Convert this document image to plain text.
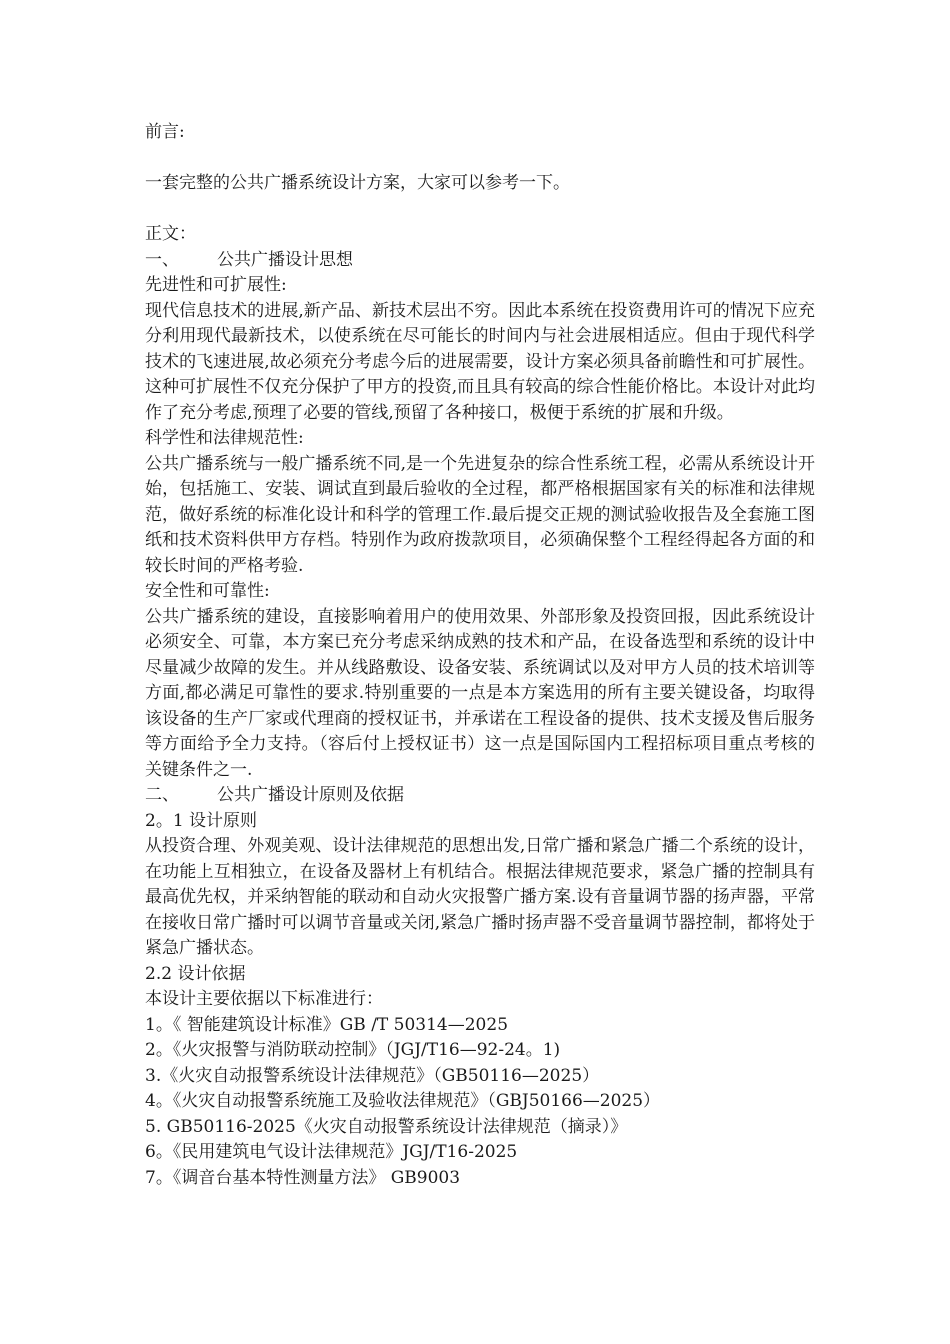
前言:
一套完整的公共广播系统设计方案，大家可以参考一下。
正文：
一、 公共广播设计思想
先进性和可扩展性:
现代信息技术的进展,新产品、新技术层出不穷。因此本系统在投资费用许可的情况下应充分利用现代最新技术，以使系统在尽可能长的时间内与社会进展相适应。但由于现代科学技术的飞速进展,故必须充分考虑今后的进展需要，设计方案必须具备前瞻性和可扩展性。这种可扩展性不仅充分保护了甲方的投资,而且具有较高的综合性能价格比。本设计对此均作了充分考虑,预理了必要的管线,预留了各种接口，极便于系统的扩展和升级。
科学性和法律规范性:
公共广播系统与一般广播系统不同,是一个先进复杂的综合性系统工程，必需从系统设计开始，包括施工、安装、调试直到最后验收的全过程，都严格根据国家有关的标准和法律规范，做好系统的标准化设计和科学的管理工作.最后提交正规的测试验收报告及全套施工图纸和技术资料供甲方存档。特别作为政府拨款项目，必须确保整个工程经得起各方面的和较长时间的严格考验.
安全性和可靠性:
公共广播系统的建设，直接影响着用户的使用效果、外部形象及投资回报，因此系统设计必须安全、可靠，本方案已充分考虑采纳成熟的技术和产品，在设备选型和系统的设计中尽量减少故障的发生。并从线路敷设、设备安装、系统调试以及对甲方人员的技术培训等方面,都必满足可靠性的要求.特别重要的一点是本方案选用的所有主要关键设备，均取得该设备的生产厂家或代理商的授权证书，并承诺在工程设备的提供、技术支援及售后服务等方面给予全力支持。（容后付上授权证书）这一点是国际国内工程招标项目重点考核的关键条件之一.
二、 公共广播设计原则及依据
2。1 设计原则
从投资合理、外观美观、设计法律规范的思想出发,日常广播和紧急广播二个系统的设计，在功能上互相独立，在设备及器材上有机结合。根据法律规范要求，紧急广播的控制具有最高优先权，并采纳智能的联动和自动火灾报警广播方案.设有音量调节器的扬声器，平常在接收日常广播时可以调节音量或关闭,紧急广播时扬声器不受音量调节器控制，都将处于紧急广播状态。
2.2 设计依据
本设计主要依据以下标准进行：
1。《 智能建筑设计标准》GB /T 50314—2025
2。《火灾报警与消防联动控制》（JGJ/T16—92-24。1)
3.《火灾自动报警系统设计法律规范》（GB50116—2025）
4。《火灾自动报警系统施工及验收法律规范》（GBJ50166—2025）
5. GB50116-2025《火灾自动报警系统设计法律规范（摘录）》
6。《民用建筑电气设计法律规范》JGJ/T16-2025
7。《调音台基本特性测量方法》 GB9003
